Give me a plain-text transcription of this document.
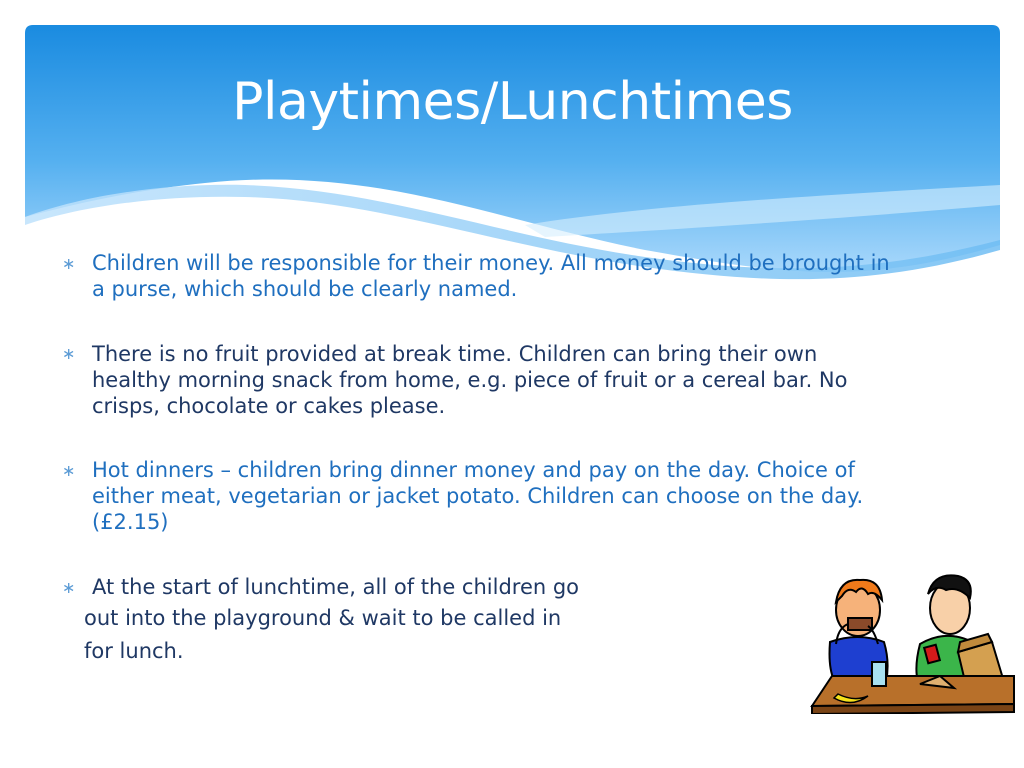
Playtimes/Lunchtimes
∗ Children will be responsible for their money. All money should be brought in
a purse, which should be clearly named.
∗ There is no fruit provided at break time. Children can bring their own
healthy morning snack from home, e.g. piece of fruit or a cereal bar. No
crisps, chocolate or cakes please.
∗ Hot dinners – children bring dinner money and pay on the day. Choice of
either meat, vegetarian or jacket potato. Children can choose on the day.
(£2.15)
∗ At the start of lunchtime, all of the children go
out into the playground & wait to be called in
for lunch.
